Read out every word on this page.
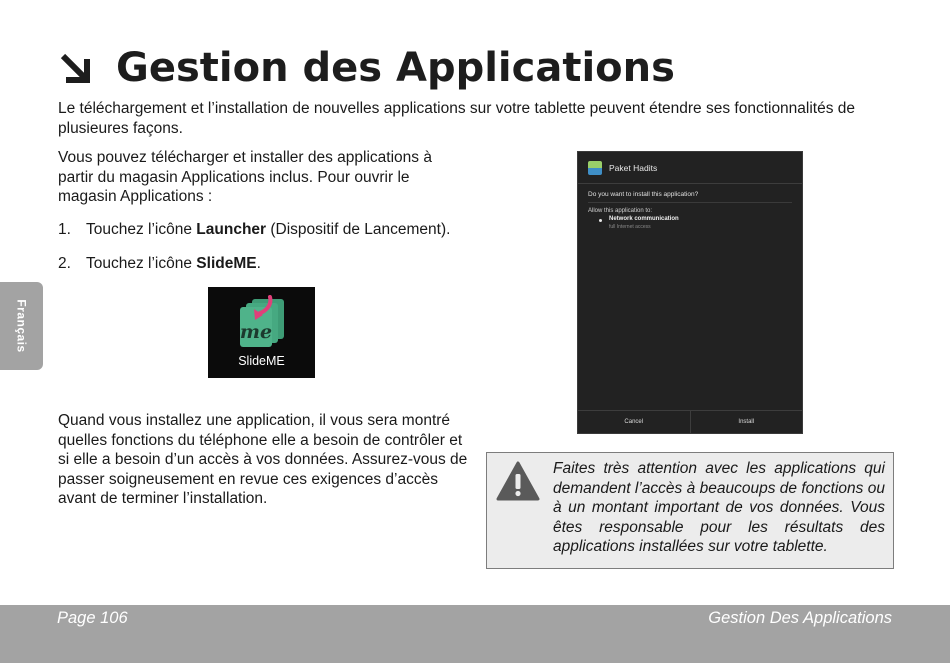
Gestion des Applications

Le téléchargement et l’installation de nouvelles applications sur votre tablette peuvent étendre ses fonctionnalités de plusieures façons.

Vous pouvez télécharger et installer des applications à partir du magasin Applications inclus. Pour ouvrir le magasin Applications :

1. Touchez l’icône Launcher (Dispositif de Lancement).
2. Touchez l’icône SlideME.
me
SlideME

Quand vous installez une application, il vous sera montré quelles fonctions du téléphone elle a besoin de contrôler et si elle a besoin d’un accès à vos données. Assurez-vous de passer soigneusement en revue ces exigences d’accès avant de terminer l’installation.

Français
Paket Hadits
Do you want to install this application?
Allow this application to:
Network communication
full Internet access
Cancel	Install

Faites très attention avec les applications qui demandent l’accès à beaucoups de fonctions ou à un montant important de vos données. Vous êtes responsable pour les résultats des applications installées sur votre tablette.

Page 106	Gestion Des Applications
